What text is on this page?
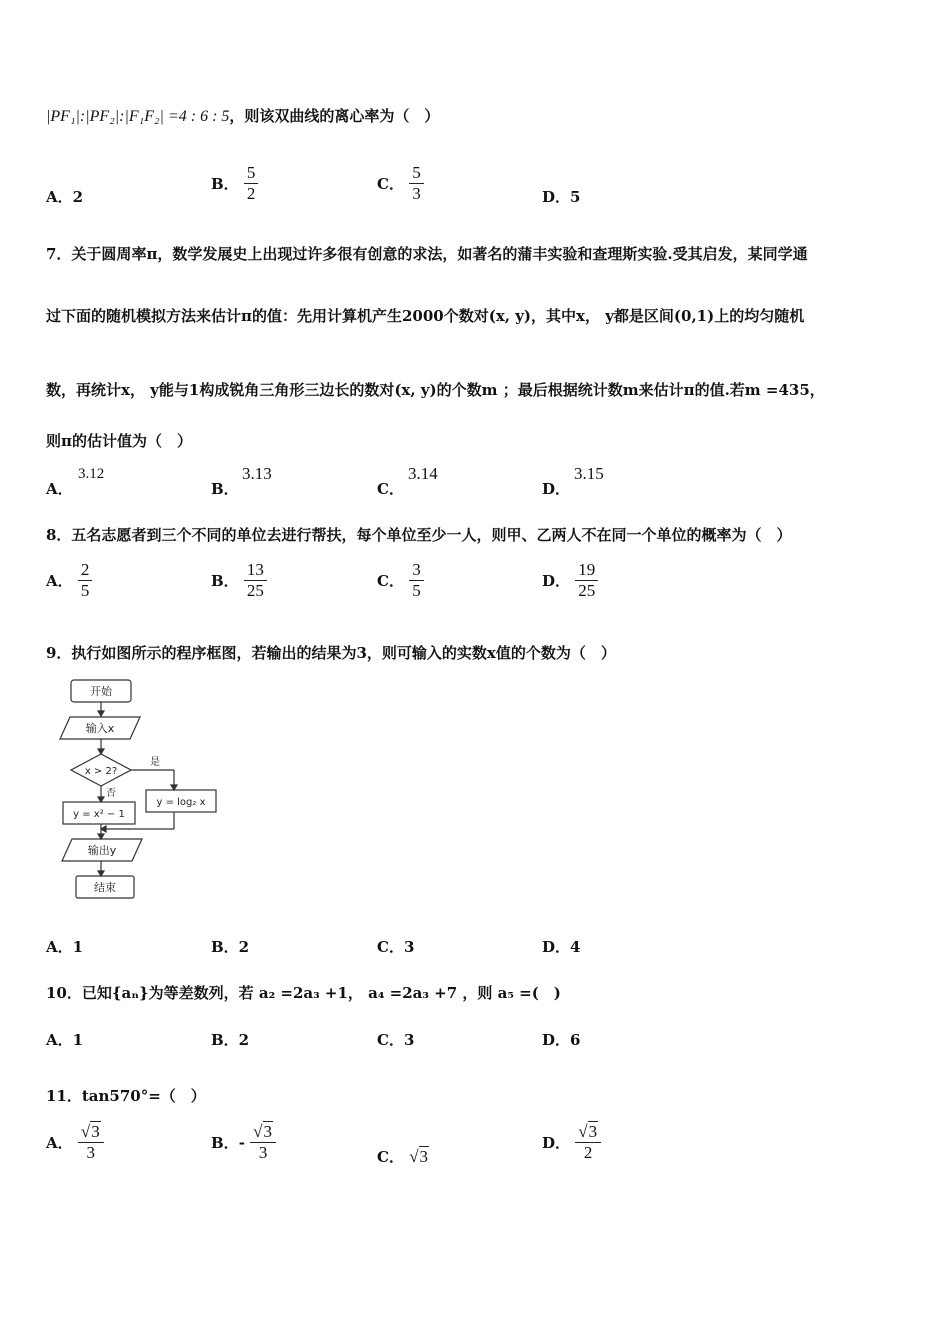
|PF₁|:|PF₂|:|F₁F₂| =4 : 6 : 5，则该双曲线的离心率为（　）
A．2
B． $\frac{5}{2}$	C． $\frac{5}{3}$	D．5
7．关于圆周率π，数学发展史上出现过许多很有创意的求法，如著名的蒲丰实验和查理斯实验.受其启发，某同学通
过下面的随机模拟方法来估计π的值：先用计算机产生2000个数对(x, y)，其中x， y都是区间(0,1)上的均匀随机
数，再统计x， y能与1构成锐角三角形三边长的数对(x, y)的个数m ；最后根据统计数m来估计π的值.若m =435，
则π的估计值为（　）
A．
3.12
B．
3.13
C．
3.14
D．
3.15
8．五名志愿者到三个不同的单位去进行帮扶，每个单位至少一人，则甲、乙两人不在同一个单位的概率为（　）
A． $\frac{2}{5}$	B． $\frac{13}{25}$	C． $\frac{3}{5}$	D． $\frac{19}{25}$
9．执行如图所示的程序框图，若输出的结果为3，则可输入的实数x值的个数为（　）
开始
输入x
x > 2?
是
否
y = log₂ x
y = x² − 1
输出y
结束
A．1	B．2	C．3	D．4
10．已知{aₙ}为等差数列，若 a₂ =2a₃ +1， a₄ =2a₃ +7 ，则 a₅ =(　)
A．1	B．2	C．3	D．6
11．tan570°=（　）
A． $\frac{√3}{3}$	B．- $\frac{√3}{3}$	C． √3
D． $\frac{√3}{2}$
